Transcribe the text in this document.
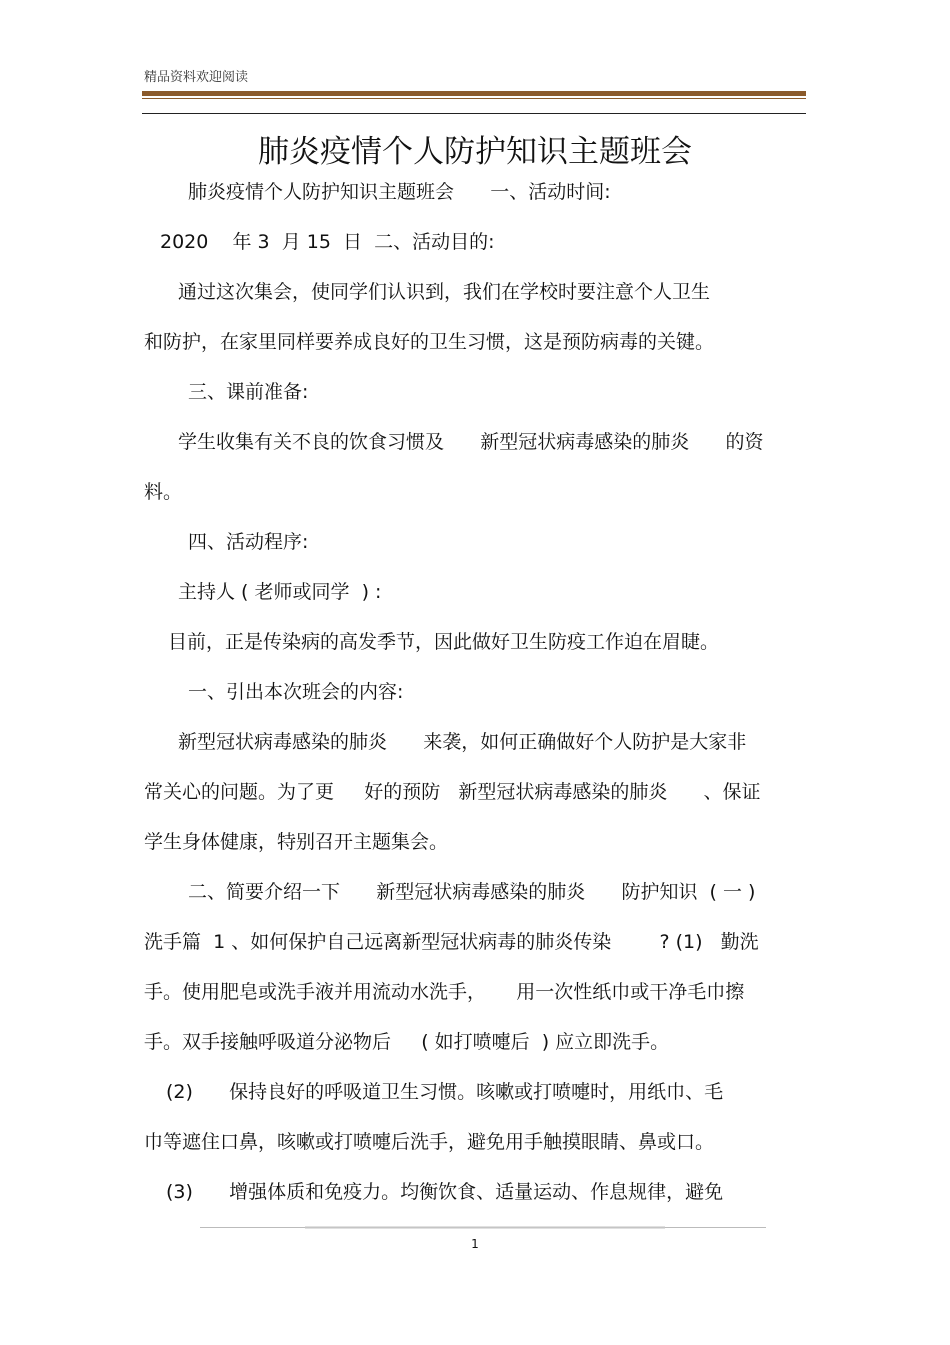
精品资料欢迎阅读
肺炎疫情个人防护知识主题班会
肺炎疫情个人防护知识主题班会      一、活动时间:
2020    年 3  月 15  日  二、活动目的:
通过这次集会，使同学们认识到，我们在学校时要注意个人卫生
和防护，在家里同样要养成良好的卫生习惯，这是预防病毒的关键。
三、课前准备:
学生收集有关不良的饮食习惯及      新型冠状病毒感染的肺炎      的资
料。
四、活动程序:
主持人 ( 老师或同学  ) :
目前，正是传染病的高发季节，因此做好卫生防疫工作迫在眉睫。
一、引出本次班会的内容:
新型冠状病毒感染的肺炎      来袭，如何正确做好个人防护是大家非
常关心的问题。为了更     好的预防   新型冠状病毒感染的肺炎      、保证
学生身体健康，特别召开主题集会。
二、简要介绍一下      新型冠状病毒感染的肺炎      防护知识  ( 一 )
洗手篇  1 、如何保护自己远离新型冠状病毒的肺炎传染        ? (1)   勤洗
手。使用肥皂或洗手液并用流动水洗手，     用一次性纸巾或干净毛巾擦
手。双手接触呼吸道分泌物后     ( 如打喷嚏后  ) 应立即洗手。
(2)      保持良好的呼吸道卫生习惯。咳嗽或打喷嚏时，用纸巾、毛
巾等遮住口鼻，咳嗽或打喷嚏后洗手，避免用手触摸眼睛、鼻或口。
(3)      增强体质和免疫力。均衡饮食、适量运动、作息规律，避免
1
